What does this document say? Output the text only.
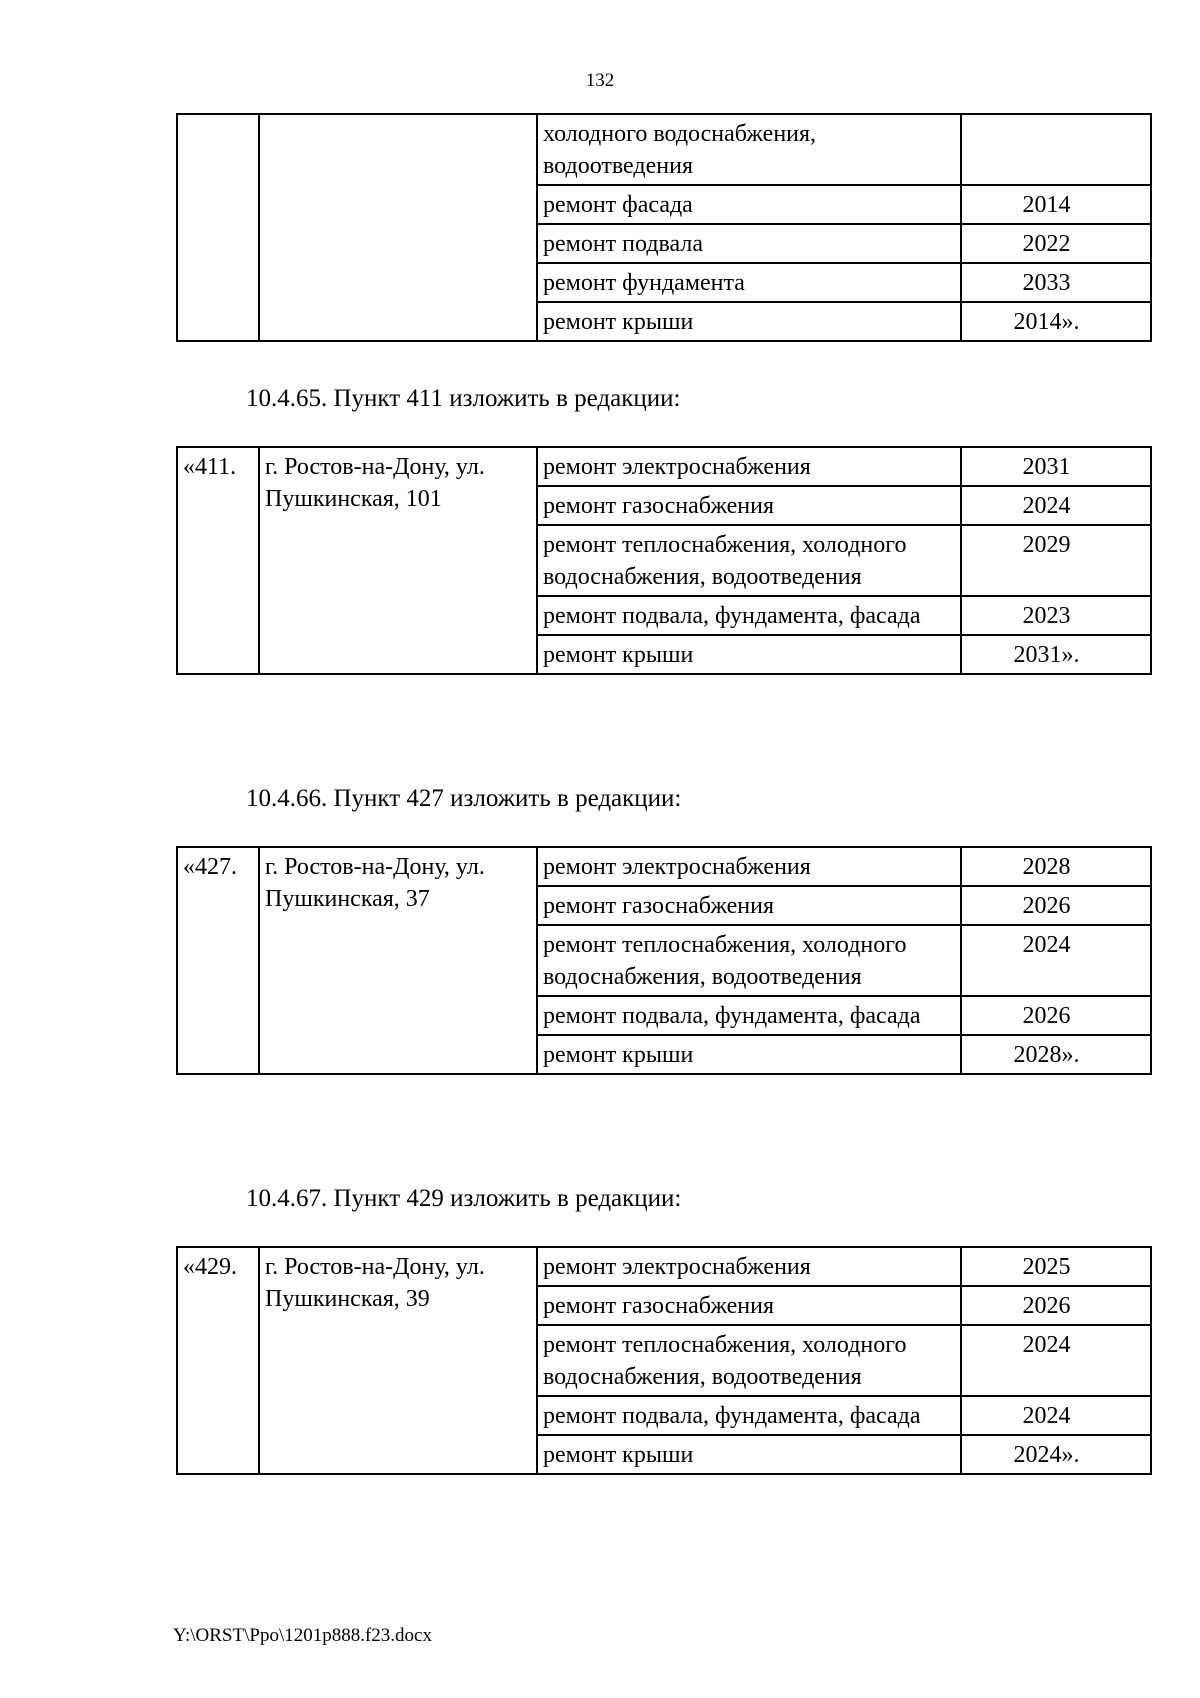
132
		холодного водоснабжения, водоотведения	
		ремонт фасада	2014
		ремонт подвала	2022
		ремонт фундамента	2033
		ремонт крыши	2014».
10.4.65. Пункт 411 изложить в редакции:
«411.	г. Ростов-на-Дону, ул. Пушкинская, 101	ремонт электроснабжения	2031
		ремонт газоснабжения	2024
		ремонт теплоснабжения, холодного водоснабжения, водоотведения	2029
		ремонт подвала, фундамента, фасада	2023
		ремонт крыши	2031».
10.4.66. Пункт 427 изложить в редакции:
«427.	г. Ростов-на-Дону, ул. Пушкинская, 37	ремонт электроснабжения	2028
		ремонт газоснабжения	2026
		ремонт теплоснабжения, холодного водоснабжения, водоотведения	2024
		ремонт подвала, фундамента, фасада	2026
		ремонт крыши	2028».
10.4.67. Пункт 429 изложить в редакции:
«429.	г. Ростов-на-Дону, ул. Пушкинская, 39	ремонт электроснабжения	2025
		ремонт газоснабжения	2026
		ремонт теплоснабжения, холодного водоснабжения, водоотведения	2024
		ремонт подвала, фундамента, фасада	2024
		ремонт крыши	2024».
Y:\ORST\Ppo\1201p888.f23.docx
